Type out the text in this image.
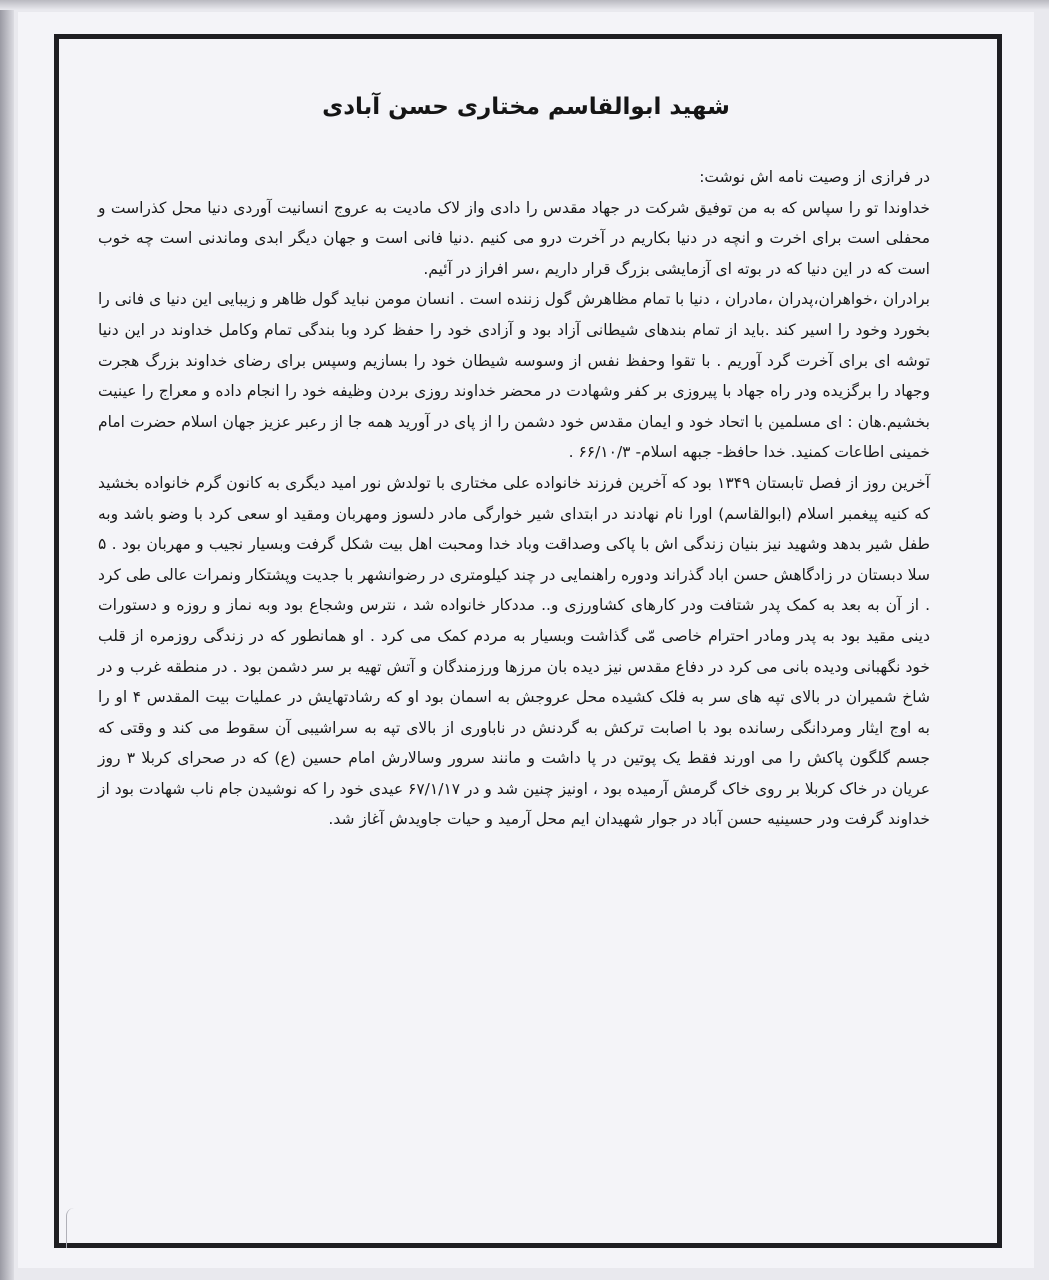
شهید ابوالقاسم مختاری حسن آبادی

در فرازی از وصیت نامه اش نوشت:

خداوندا تو را سپاس که به من توفیق شرکت در جهاد مقدس را دادی واز لاک مادیت به عروج انسانیت آوردی دنیا محل کذراست و محفلی است برای اخرت و انچه در دنیا بکاریم در آخرت درو می کنیم .دنیا فانی است و جهان دیگر ابدی وماندنی است چه خوب است که در این دنیا که در بوته ای آزمایشی بزرگ قرار داریم ،سر افراز در آئیم.

برادران ،خواهران،پدران ،مادران ، دنیا با تمام مظاهرش گول زننده است . انسان مومن نباید گول ظاهر و زیبایی این دنیا ی فانی را بخورد وخود را اسیر کند .باید از تمام بندهای شیطانی آزاد بود و آزادی خود را حفظ کرد وبا بندگی تمام وکامل خداوند در این دنیا توشه ای برای آخرت گرد آوریم . با تقوا وحفظ نفس از وسوسه شیطان خود را بسازیم وسپس برای رضای خداوند بزرگ هجرت وجهاد را برگزیده ودر راه جهاد با پیروزی بر کفر وشهادت در محضر خداوند روزی بردن وظیفه خود را انجام داده و معراج را عینیت بخشیم.هان : ای مسلمین با اتحاد خود و ایمان مقدس خود دشمن را از پای در آورید همه جا از رعبر عزیز جهان اسلام حضرت امام خمینی اطاعات کمنید. خدا حافظ- جبهه اسلام- ۶۶/۱۰/۳ .

آخرین روز از فصل تابستان ۱۳۴۹ بود که آخرین فرزند خانواده علی مختاری با تولدش نور امید دیگری به کانون گرم خانواده بخشید که کنیه پیغمبر اسلام (ابوالقاسم) اورا نام نهادند در ابتدای شیر خوارگی مادر دلسوز ومهربان ومقید او سعی کرد با وضو باشد وبه طفل شیر بدهد وشهید نیز بنیان زندگی اش با پاکی وصداقت وباد خدا ومحبت اهل بیت شکل گرفت وبسیار نجیب و مهربان بود . ۵ سلا دبستان در زادگاهش حسن اباد گذراند ودوره راهنمایی در چند کیلومتری در رضوانشهر با جدیت وپشتکار ونمرات عالی طی کرد . از آن به بعد به کمک پدر شتافت ودر کارهای کشاورزی و.. مددکار خانواده شد ، نترس وشجاع بود وبه نماز و روزه و دستورات دینی مقید بود به پدر ومادر احترام خاصی مّی گذاشت وبسیار به مردم کمک می کرد . او همانطور که در زندگی روزمره از قلب خود نگهبانی ودیده بانی می کرد در دفاع مقدس نیز دیده بان مرزها ورزمندگان و آتش تهیه بر سر دشمن بود . در منطقه غرب و در شاخ شمیران در بالای تپه های سر به فلک کشیده محل عروجش به اسمان بود او که رشادتهایش در عملیات بیت المقدس ۴ او را به اوج ایثار ومردانگی رسانده بود با اصابت ترکش به گردنش در ناباوری از بالای تپه به سراشیبی آن سقوط می کند و وقتی که جسم گلگون پاکش را می اورند فقط یک پوتین در پا داشت و مانند سرور وسالارش امام حسین (ع) که در صحرای کربلا ۳ روز عریان در خاک کربلا بر روی خاک گرمش آرمیده بود ، اونیز چنین شد و در ۶۷/۱/۱۷ عیدی خود را که نوشیدن جام ناب شهادت بود از خداوند گرفت ودر حسینیه حسن آباد در جوار شهیدان ایم محل آرمید و حیات جاویدش آغاز شد.
